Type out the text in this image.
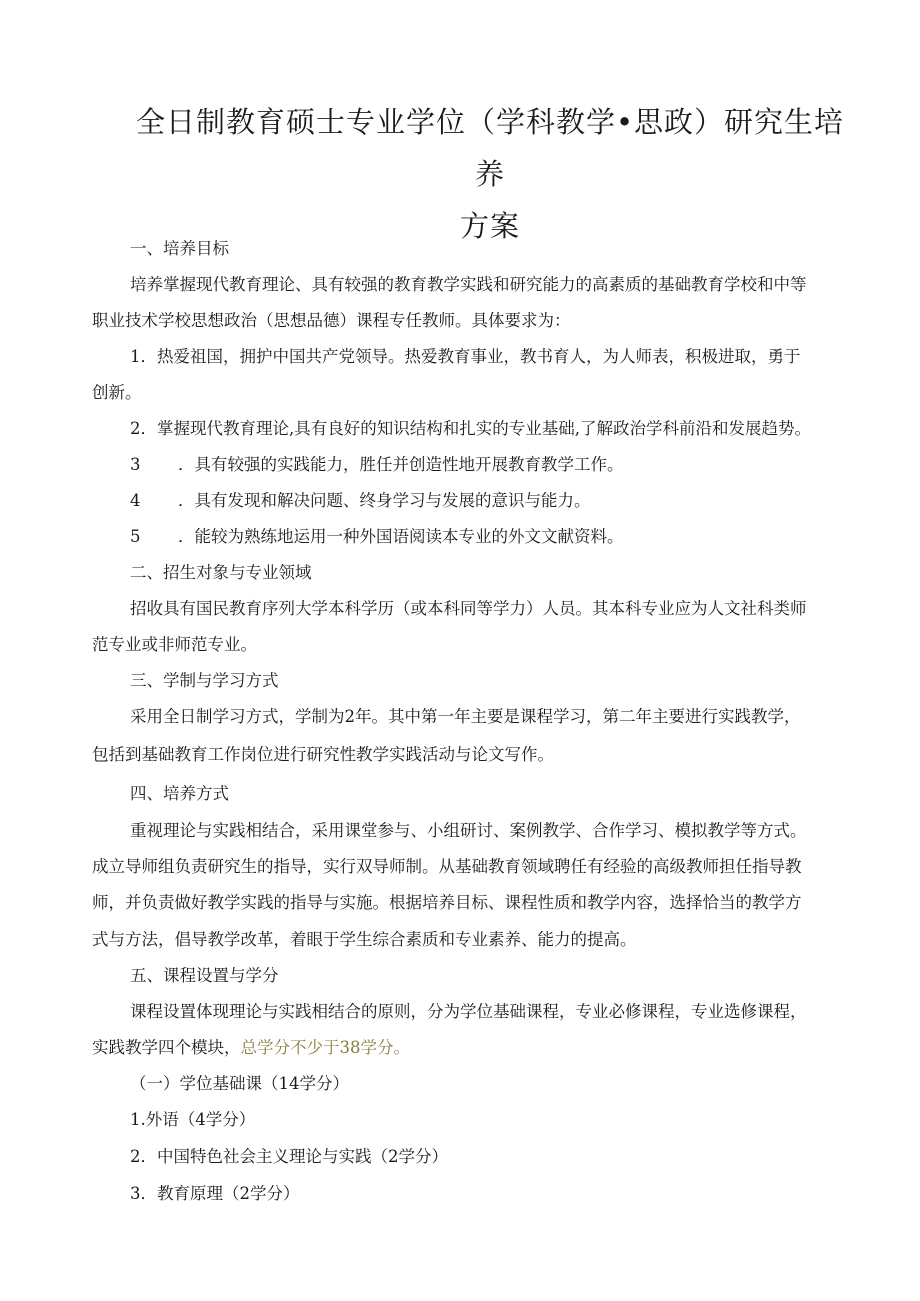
全日制教育硕士专业学位（学科教学•思政）研究生培养
方案
一、培养目标
培养掌握现代教育理论、具有较强的教育教学实践和研究能力的高素质的基础教育学校和中等
职业技术学校思想政治（思想品德）课程专任教师。具体要求为：
1．热爱祖国，拥护中国共产党领导。热爱教育事业，教书育人，为人师表，积极进取，勇于
创新。
2．掌握现代教育理论,具有良好的知识结构和扎实的专业基础,了解政治学科前沿和发展趋势。
3 ．具有较强的实践能力，胜任并创造性地开展教育教学工作。
4 ．具有发现和解决问题、终身学习与发展的意识与能力。
5 ．能较为熟练地运用一种外国语阅读本专业的外文文献资料。
二、招生对象与专业领域
招收具有国民教育序列大学本科学历（或本科同等学力）人员。其本科专业应为人文社科类师
范专业或非师范专业。
三、学制与学习方式
采用全日制学习方式，学制为2年。其中第一年主要是课程学习，第二年主要进行实践教学，
包括到基础教育工作岗位进行研究性教学实践活动与论文写作。
四、培养方式
重视理论与实践相结合，采用课堂参与、小组研讨、案例教学、合作学习、模拟教学等方式。
成立导师组负责研究生的指导，实行双导师制。从基础教育领域聘任有经验的高级教师担任指导教
师，并负责做好教学实践的指导与实施。根据培养目标、课程性质和教学内容，选择恰当的教学方
式与方法，倡导教学改革，着眼于学生综合素质和专业素养、能力的提高。
五、课程设置与学分
课程设置体现理论与实践相结合的原则，分为学位基础课程，专业必修课程，专业选修课程，
实践教学四个模块，总学分不少于38学分。
（一）学位基础课（14学分）
1.外语（4学分）
2．中国特色社会主义理论与实践（2学分）
3．教育原理（2学分）
